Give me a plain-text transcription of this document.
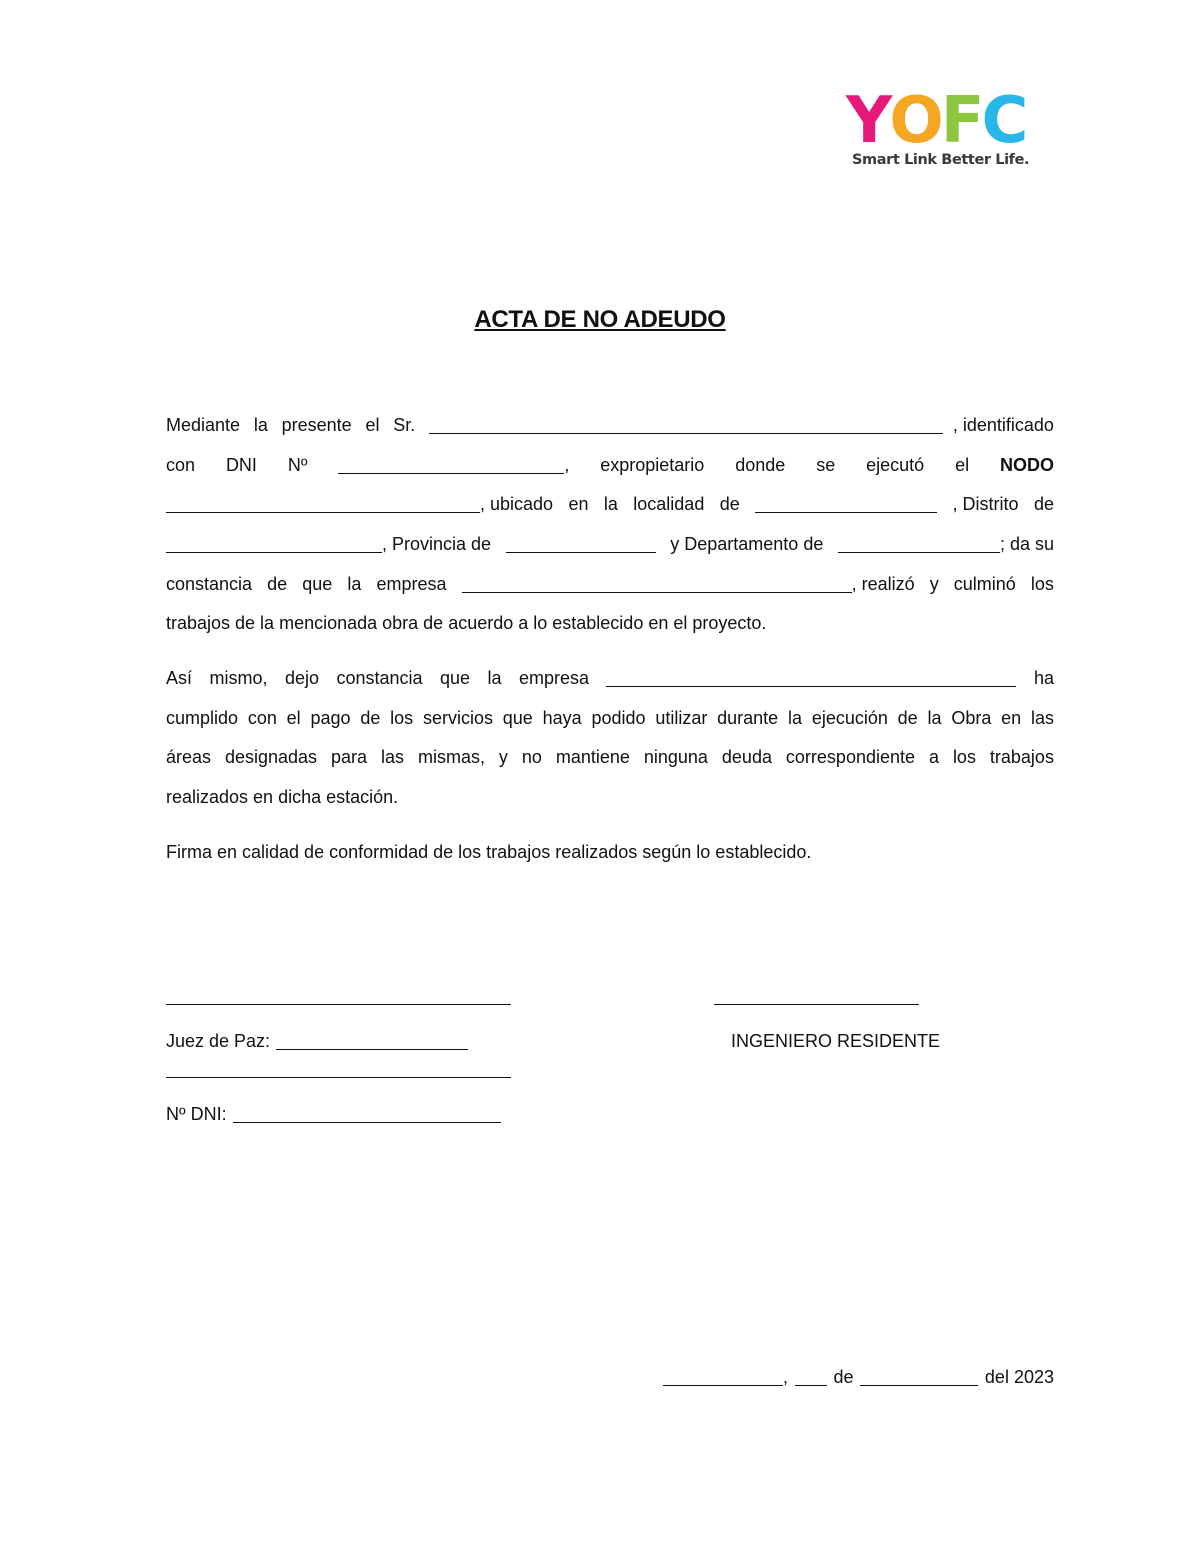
YOFC
Smart Link Better Life.
ACTA DE NO ADEUDO
Mediante la presente el Sr.	, identificado
con DNI Nº	, expropietario donde se ejecutó el NODO
, ubicado en la localidad de	, Distrito de
, Provincia de	y Departamento de	; da su
constancia de que la empresa	, realizó y culminó los
trabajos de la mencionada obra de acuerdo a lo establecido en el proyecto.
Así mismo, dejo constancia que la empresa	ha
cumplido con el pago de los servicios que haya podido utilizar durante la ejecución de la Obra en las
áreas designadas para las mismas, y no mantiene ninguna deuda correspondiente a los trabajos
realizados en dicha estación.
Firma en calidad de conformidad de los trabajos realizados según lo establecido.
Juez de Paz:	INGENIERO RESIDENTE
Nº DNI:
,	de	del 2023
